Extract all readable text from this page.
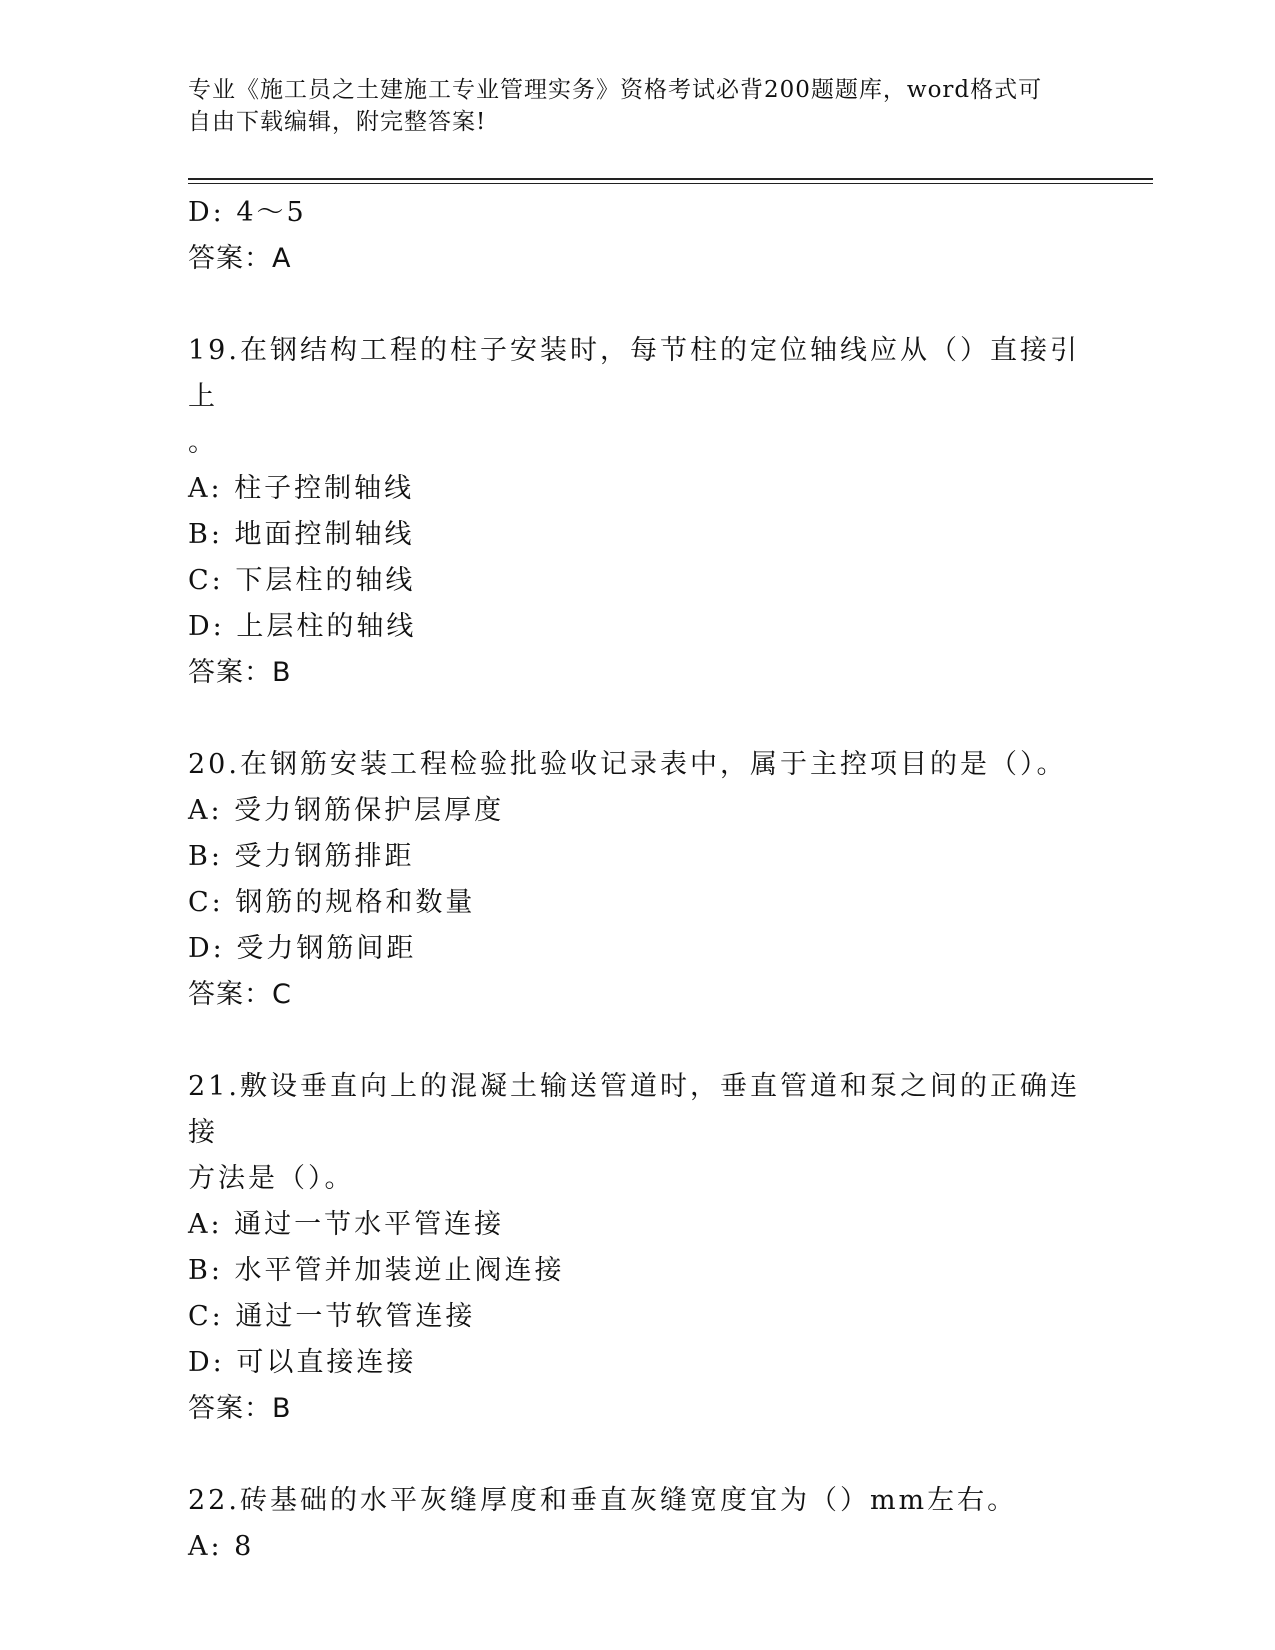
专业《施工员之土建施工专业管理实务》资格考试必背200题题库，word格式可
自由下载编辑，附完整答案!
D: 4～5
答案：A
19.在钢结构工程的柱子安装时，每节柱的定位轴线应从（）直接引上
。
A: 柱子控制轴线
B: 地面控制轴线
C: 下层柱的轴线
D: 上层柱的轴线
答案：B
20.在钢筋安装工程检验批验收记录表中，属于主控项目的是（）。
A: 受力钢筋保护层厚度
B: 受力钢筋排距
C: 钢筋的规格和数量
D: 受力钢筋间距
答案：C
21.敷设垂直向上的混凝土输送管道时，垂直管道和泵之间的正确连接
方法是（）。
A: 通过一节水平管连接
B: 水平管并加装逆止阀连接
C: 通过一节软管连接
D: 可以直接连接
答案：B
22.砖基础的水平灰缝厚度和垂直灰缝宽度宜为（）mm左右。
A: 8
